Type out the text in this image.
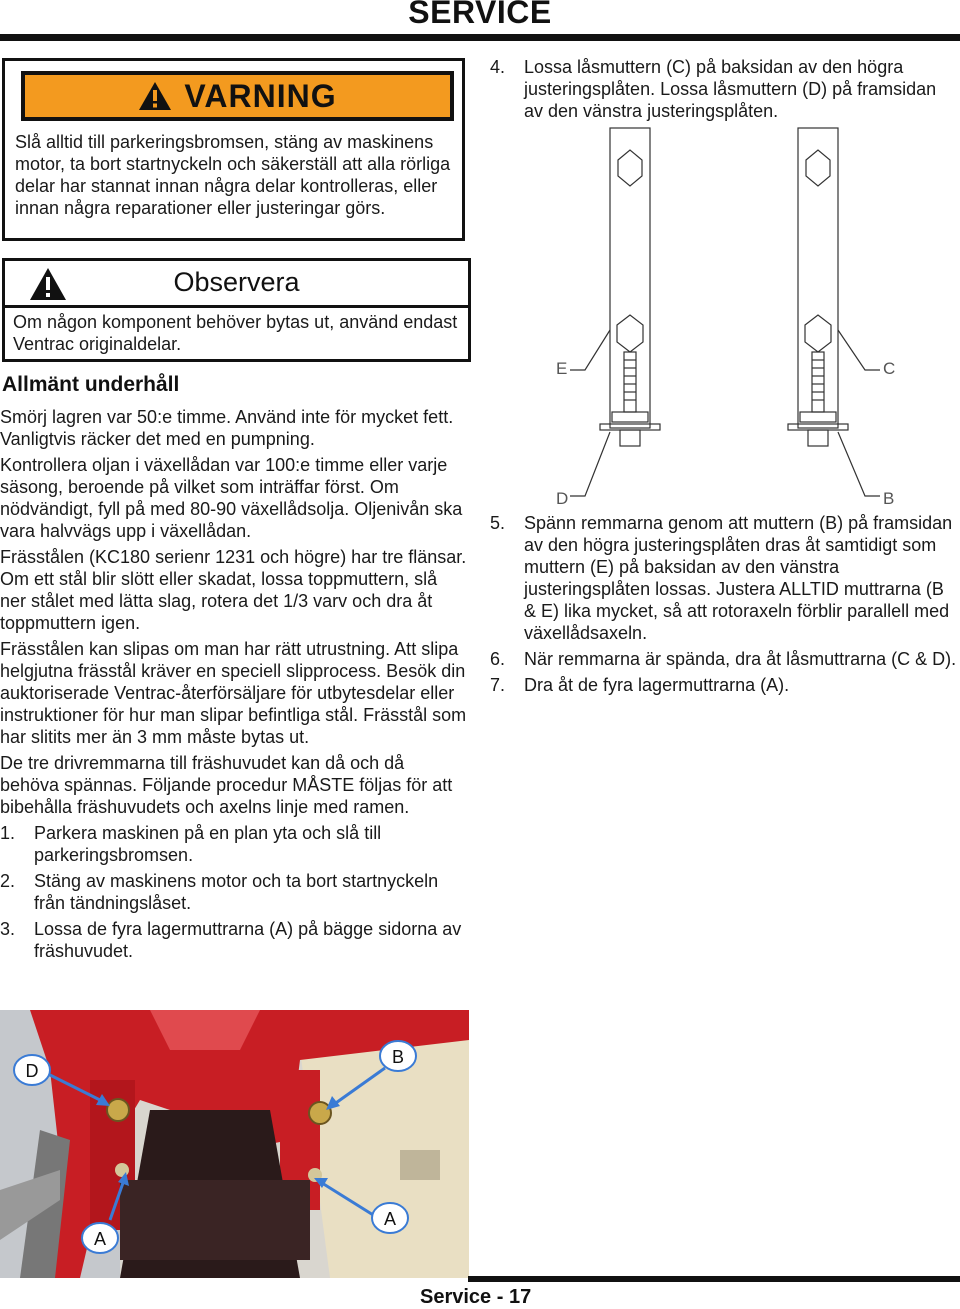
SERVICE
VARNING
Slå alltid till parkeringsbromsen, stäng av maskinens motor, ta bort startnyckeln och säkerställ att alla rörliga delar har stannat innan några delar kontrolleras, eller innan några reparationer eller justeringar görs.
Observera
Om någon komponent behöver bytas ut, använd endast Ventrac originaldelar.
Allmänt underhåll

Smörj lagren var 50:e timme. Använd inte för mycket fett. Vanligtvis räcker det med en pumpning.

Kontrollera oljan i växellådan var 100:e timme eller varje säsong, beroende på vilket som inträffar först. Om nödvändigt, fyll på med 80-90 växellådsolja. Oljenivån ska vara halvvägs upp i växellådan.

Frässtålen (KC180 serienr 1231 och högre) har tre flänsar. Om ett stål blir slött eller skadat, lossa toppmuttern, slå ner stålet med lätta slag, rotera det 1/3 varv och dra åt toppmuttern igen.

Frässtålen kan slipas om man har rätt utrustning. Att slipa helgjutna frässtål kräver en speciell slipprocess. Besök din auktoriserade Ventrac-återförsäljare för utbytesdelar eller instruktioner för hur man slipar befintliga stål. Frässtål som har slitits mer än 3 mm måste bytas ut.

De tre drivremmarna till fräshuvudet kan då och då behöva spännas. Följande procedur MÅSTE följas för att bibehålla fräshuvudets och axelns linje med ramen.

1.	Parkera maskinen på en plan yta och slå till parkeringsbromsen.
2.	Stäng av maskinens motor och ta bort startnyckeln från tändningslåset.
3.	Lossa de fyra lagermuttrarna (A) på bägge sidorna av fräshuvudet.
4.	Lossa låsmuttern (C) på baksidan av den högra justeringsplåten. Lossa låsmuttern (D) på framsidan av den vänstra justeringsplåten.
E	C
D	B
5.	Spänn remmarna genom att muttern (B) på framsidan av den högra justeringsplåten dras åt samtidigt som muttern (E) på baksidan av den vänstra justeringsplåten lossas. Justera ALLTID muttrarna (B & E) lika mycket, så att rotoraxeln förblir parallell med växellådsaxeln.
6.	När remmarna är spända, dra åt låsmuttrarna (C & D).
7.	Dra åt de fyra lagermuttrarna (A).
D
B
A
A
Service - 17
